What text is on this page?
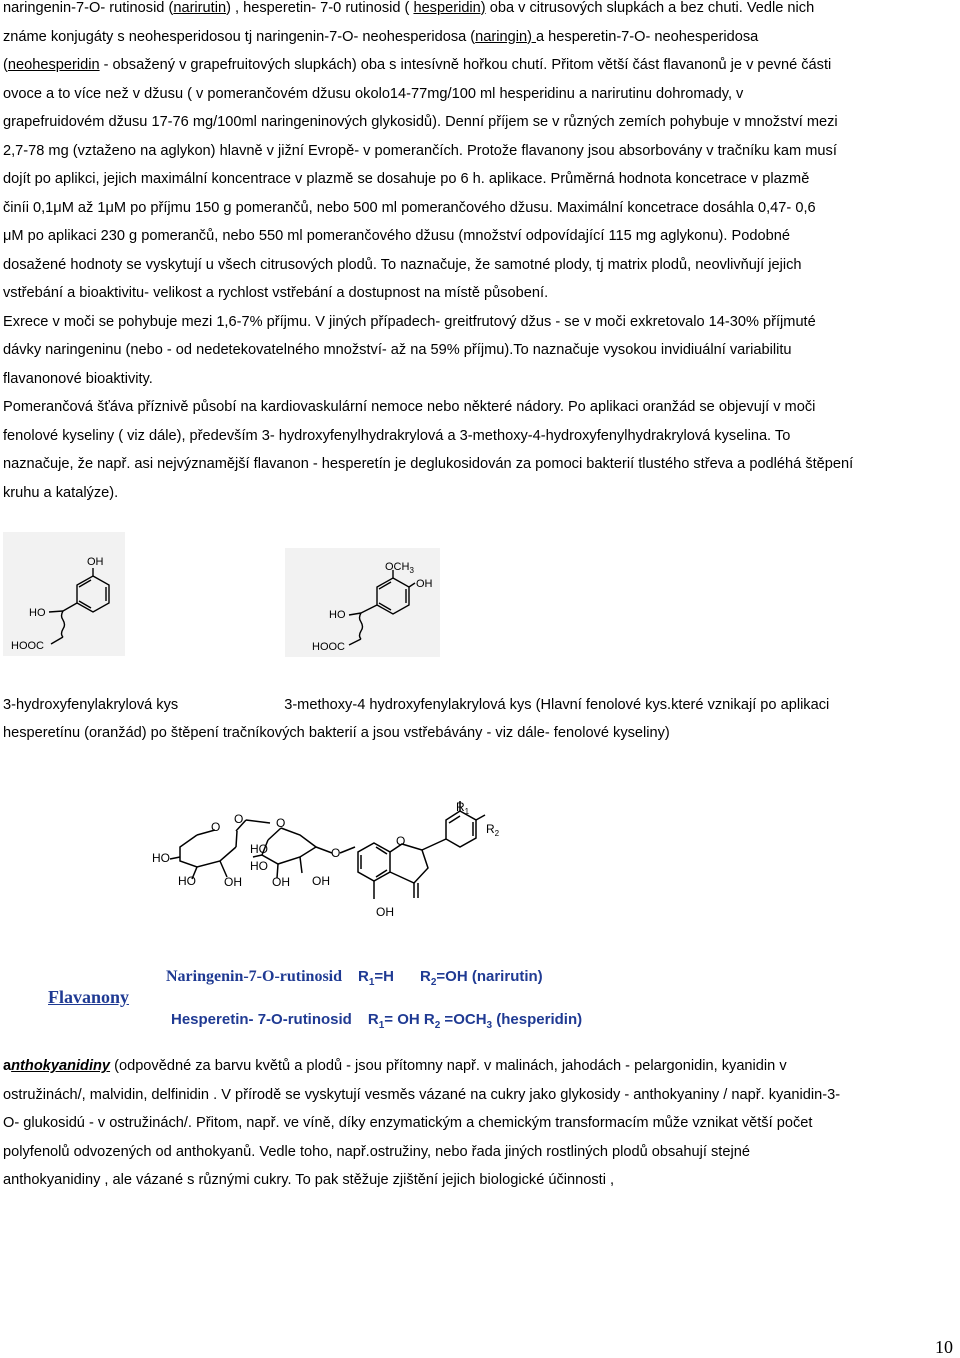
naringenin-7-O- rutinosid (narirutin) , hesperetin- 7-0 rutinosid ( hesperidin) oba v citrusových slupkách a bez chuti. Vedle nich
známe konjugáty s neohesperidosou tj naringenin-7-O- neohesperidosa (naringin) a hesperetin-7-O- neohesperidosa
(neohesperidin - obsažený v grapefruitových slupkách) oba s intesívně hořkou chutí. Přitom větší část flavanonů je v pevné části
ovoce a to více než v džusu ( v pomerančovém džusu okolo14-77mg/100 ml hesperidinu a narirutinu dohromady, v
grapefruidovém džusu 17-76 mg/100ml naringeninových glykosidů). Denní příjem se v různých zemích pohybuje v množství mezi
2,7-78 mg (vztaženo na aglykon) hlavně v jižní Evropě- v pomerančích. Protože flavanony jsou absorbovány v tračníku kam musí
dojít po aplikci, jejich maximální koncentrace v plazmě se dosahuje po 6 h. aplikace. Průměrná hodnota koncetrace v plazmě
činíi 0,1μM až 1μM po příjmu 150 g pomerančů, nebo 500 ml pomerančového džusu. Maximální koncetrace dosáhla 0,47- 0,6
μM po aplikaci 230 g pomerančů, nebo 550 ml pomerančového džusu (množství odpovídající 115 mg aglykonu). Podobné
dosažené hodnoty se vyskytují u všech citrusových plodů. To naznačuje, že samotné plody, tj matrix plodů, neovlivňují jejich
vstřebání a bioaktivitu- velikost a rychlost vstřebání a dostupnost na místě působení.
Exrece v moči se pohybuje mezi 1,6-7% příjmu. V jiných případech- greitfrutový džus - se v moči exkretovalo 14-30% příjmuté
dávky naringeninu (nebo - od nedetekovatelného množství- až na 59% příjmu).To naznačuje vysokou invidiuální variabilitu
flavanonové bioaktivity.
Pomerančová šťáva příznivě působí na kardiovaskulární nemoce nebo některé nádory. Po aplikaci oranžád se objevují v moči
fenolové kyseliny ( viz dále), především 3- hydroxyfenylhydrakrylová a 3-methoxy-4-hydroxyfenylhydrakrylová kyselina. To
naznačuje, že např. asi nejvýznamější flavanon - hesperetín je deglukosidován za pomoci bakterií tlustého střeva a podléhá štěpení
kruhu a katalýze).
OH
HO
HOOC
$OCH_3$
OH
HO
HOOC
3-hydroxyfenylakrylová kys	3-methoxy-4 hydroxyfenylakrylová kys (Hlavní fenolové kys.které vznikají po aplikaci
hesperetínu (oranžád) po štěpení tračníkových bakterií a jsou vstřebávány - viz dále- fenolové kyseliny)
O
O	O
O
O
HO
HO
HO
HO
OH	OH OH
OH
$R_1$
$R_2$
Flavanony
Naringenin-7-O-rutinosid $R_1=H$ $R_2=OH$ (narirutin)
Hesperetin- 7-O-rutinosid $R_1=$ OH $R_2 =OCH_3$ (hesperidin)
anthokyanidiny (odpovědné za barvu květů a plodů - jsou přítomny např. v malinách, jahodách - pelargonidin, kyanidin v
ostružinách/, malvidin, delfinidin . V přírodě se vyskytují vesměs vázané na cukry jako glykosidy - anthokyaniny / např. kyanidin-3-
O- glukosidú - v ostružinách/. Přitom, např. ve víně, díky enzymatickým a chemickým transformacím může vznikat větší počet
polyfenolů odvozených od anthokyanů. Vedle toho, např.ostružiny, nebo řada jiných rostliných plodů obsahují stejné
anthokyanidiny , ale vázané s různými cukry. To pak stěžuje zjištění jejich biologické účinnosti ,
10
